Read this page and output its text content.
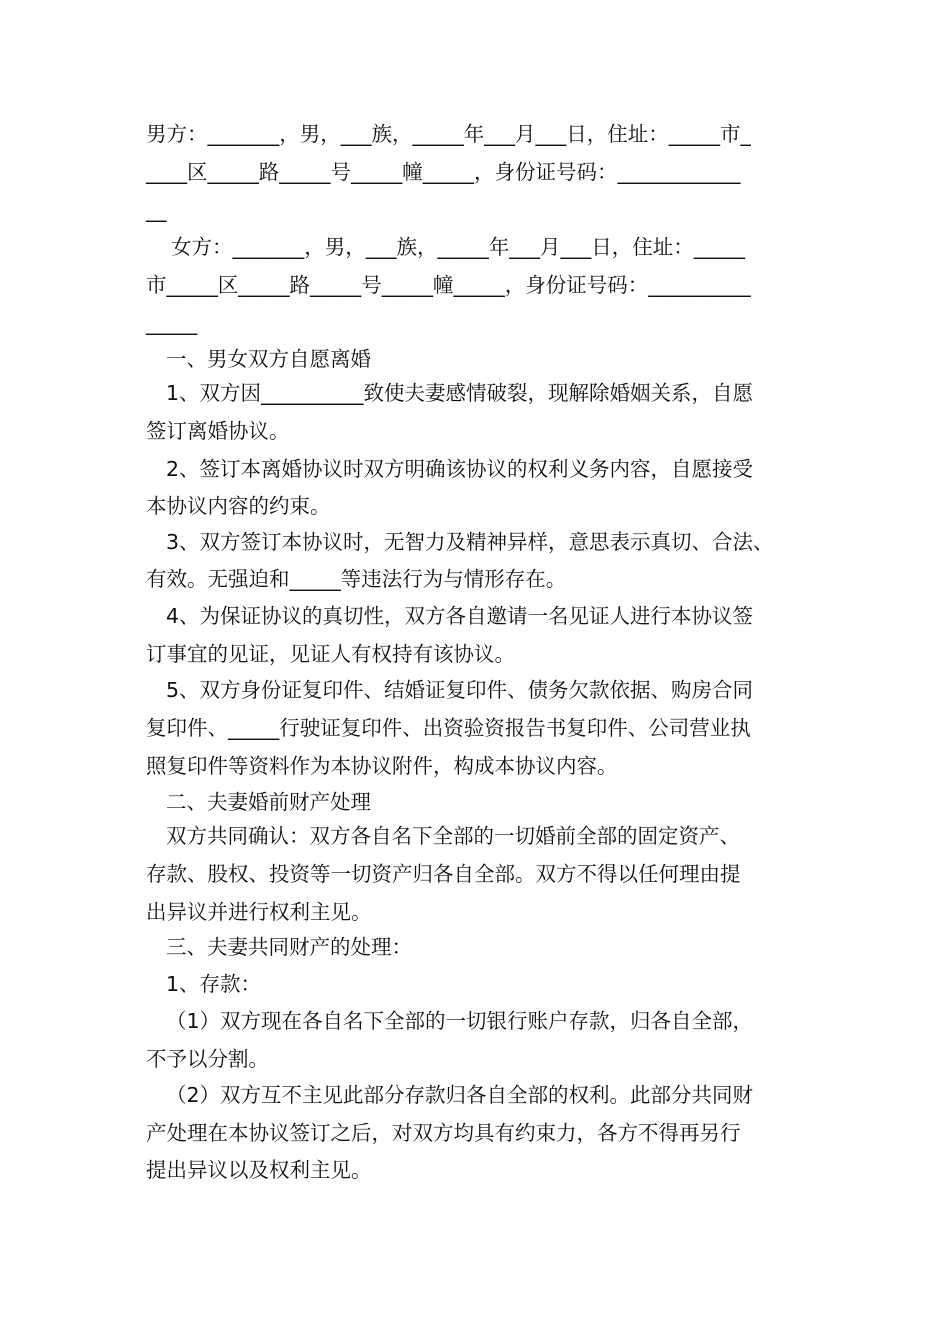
男方：_______，男，___族，_____年___月___日，住址：_____市_
____区_____路_____号_____幢_____，身份证号码：____________
__
女方：_______，男，___族，_____年___月___日，住址：_____
市_____区_____路_____号_____幢_____，身份证号码：__________
_____
一、男女双方自愿离婚
1、双方因__________致使夫妻感情破裂，现解除婚姻关系，自愿
签订离婚协议。
2、签订本离婚协议时双方明确该协议的权利义务内容，自愿接受
本协议内容的约束。
3、双方签订本协议时，无智力及精神异样，意思表示真切、合法、
有效。无强迫和_____等违法行为与情形存在。
4、为保证协议的真切性，双方各自邀请一名见证人进行本协议签
订事宜的见证，见证人有权持有该协议。
5、双方身份证复印件、结婚证复印件、债务欠款依据、购房合同
复印件、_____行驶证复印件、出资验资报告书复印件、公司营业执
照复印件等资料作为本协议附件，构成本协议内容。
二、夫妻婚前财产处理
双方共同确认：双方各自名下全部的一切婚前全部的固定资产、
存款、股权、投资等一切资产归各自全部。双方不得以任何理由提
出异议并进行权利主见。
三、夫妻共同财产的处理：
1、存款：
（1）双方现在各自名下全部的一切银行账户存款，归各自全部，
不予以分割。
（2）双方互不主见此部分存款归各自全部的权利。此部分共同财
产处理在本协议签订之后，对双方均具有约束力，各方不得再另行
提出异议以及权利主见。
